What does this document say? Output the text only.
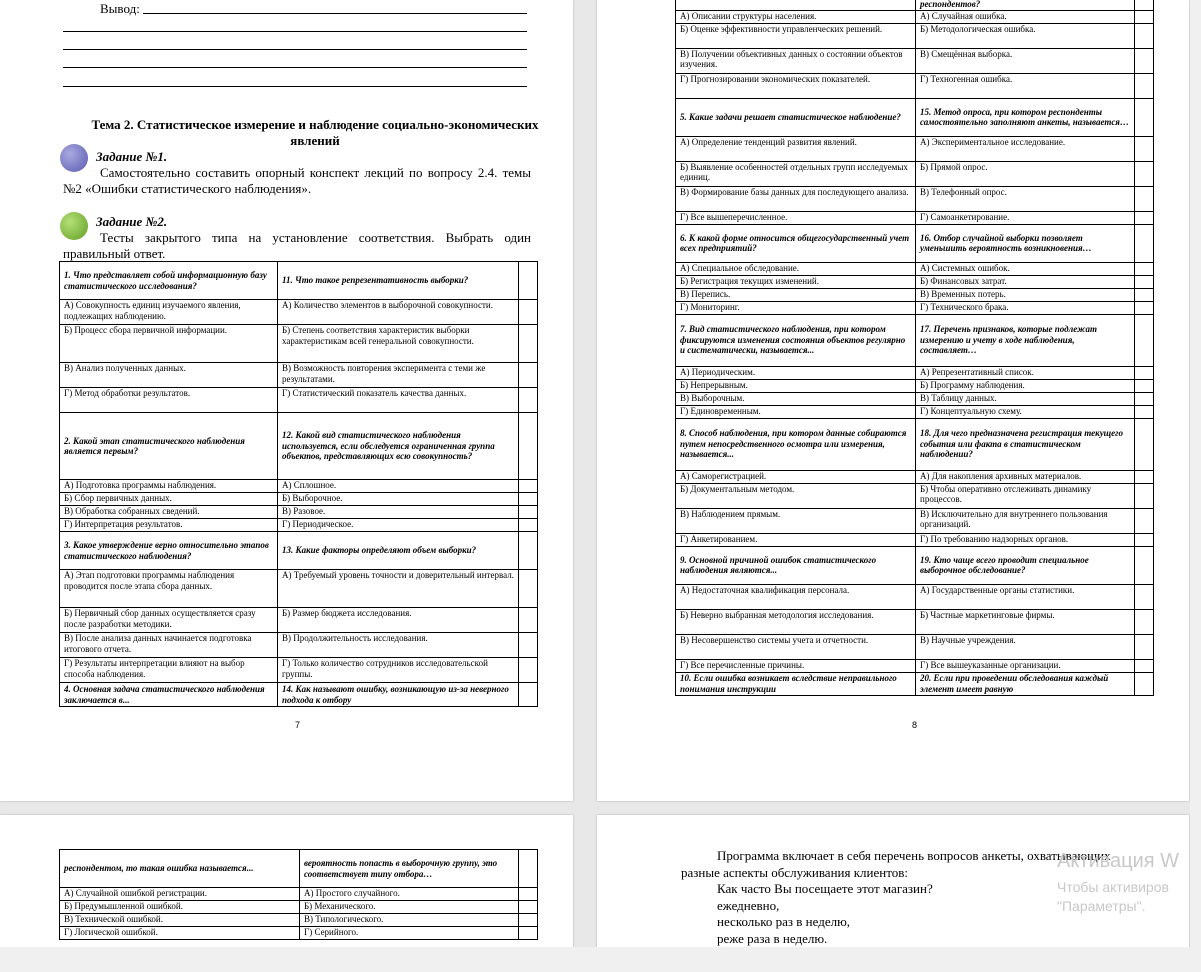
Вывод:
Тема 2. Статистическое измерение и наблюдение социально-экономических явлений
Задание №1.
Самостоятельно составить опорный конспект лекций по вопросу 2.4. темы №2 «Ошибки статистического наблюдения».
Задание №2.
Тесты закрытого типа на установление соответствия. Выбрать один правильный ответ.
1. Что представляет собой информационную базу статистического исследования?	11. Что такое репрезентативность выборки?	
А) Совокупность единиц изучаемого явления, подлежащих наблюдению.	А) Количество элементов в выборочной совокупности.	
Б) Процесс сбора первичной информации.	Б) Степень соответствия характеристик выборки характеристикам всей генеральной совокупности.	
В) Анализ полученных данных.	В) Возможность повторения эксперимента с теми же результатами.	
Г) Метод обработки результатов.	Г) Статистический показатель качества данных.	
2. Какой этап статистического наблюдения является первым?	12. Какой вид статистического наблюдения используется, если обследуется ограниченная группа объектов, представляющих всю совокупность?	
А) Подготовка программы наблюдения.	А) Сплошное.	
Б) Сбор первичных данных.	Б) Выборочное.	
В) Обработка собранных сведений.	В) Разовое.	
Г) Интерпретация результатов.	Г) Периодическое.	
3. Какое утверждение верно относительно этапов статистического наблюдения?	13. Какие факторы определяют объем выборки?	
А) Этап подготовки программы наблюдения проводится после этапа сбора данных.	А) Требуемый уровень точности и доверительный интервал.	
Б) Первичный сбор данных осуществляется сразу после разработки методики.	Б) Размер бюджета исследования.	
В) После анализа данных начинается подготовка итогового отчета.	В) Продолжительность исследования.	
Г) Результаты интерпретации влияют на выбор способа наблюдения.	Г) Только количество сотрудников исследовательской группы.	
4. Основная задача статистического наблюдения заключается в...	14. Как называют ошибку, возникающую из-за неверного подхода к отбору	
7
	респондентов?	
А) Описании структуры населения.	А) Случайная ошибка.	
Б) Оценке эффективности управленческих решений.	Б) Методологическая ошибка.	
В) Получении объективных данных о состоянии объектов изучения.	В) Смещённая выборка.	
Г) Прогнозировании экономических показателей.	Г) Техногенная ошибка.	
5. Какие задачи решает статистическое наблюдение?	15. Метод опроса, при котором респонденты самостоятельно заполняют анкеты, называется…	
А) Определение тенденций развития явлений.	А) Экспериментальное исследование.	
Б) Выявление особенностей отдельных групп исследуемых единиц.	Б) Прямой опрос.	
В) Формирование базы данных для последующего анализа.	В) Телефонный опрос.	
Г) Все вышеперечисленное.	Г) Самоанкетирование.	
6. К какой форме относится общегосударственный учет всех предприятий?	16. Отбор случайной выборки позволяет уменьшить вероятность возникновения…	
А) Специальное обследование.	А) Системных ошибок.	
Б) Регистрация текущих изменений.	Б) Финансовых затрат.	
В) Перепись.	В) Временных потерь.	
Г) Мониторинг.	Г) Технического брака.	
7. Вид статистического наблюдения, при котором фиксируются изменения состояния объектов регулярно и систематически, называется...	17. Перечень признаков, которые подлежат измерению и учету в ходе наблюдения, составляет…	
А) Периодическим.	А) Репрезентативный список.	
Б) Непрерывным.	Б) Программу наблюдения.	
В) Выборочным.	В) Таблицу данных.	
Г) Единовременным.	Г) Концептуальную схему.	
8. Способ наблюдения, при котором данные собираются путем непосредственного осмотра или измерения, называется...	18. Для чего предназначена регистрация текущего события или факта в статистическом наблюдении?	
А) Саморегистрацией.	А) Для накопления архивных материалов.	
Б) Документальным методом.	Б) Чтобы оперативно отслеживать динамику процессов.	
В) Наблюдением прямым.	В) Исключительно для внутреннего пользования организаций.	
Г) Анкетированием.	Г) По требованию надзорных органов.	
9. Основной причиной ошибок статистического наблюдения являются...	19. Кто чаще всего проводит специальное выборочное обследование?	
А) Недостаточная квалификация персонала.	А) Государственные органы статистики.	
Б) Неверно выбранная методология исследования.	Б) Частные маркетинговые фирмы.	
В) Несовершенство системы учета и отчетности.	В) Научные учреждения.	
Г) Все перечисленные причины.	Г) Все вышеуказанные организации.	
10. Если ошибка возникает вследствие неправильного понимания инструкции	20. Если при проведении обследования каждый элемент имеет равную	
8
респондентом, то такая ошибка называется...	вероятность попасть в выборочную группу, это соответствует типу отбора…	
А) Случайной ошибкой регистрации.	А) Простого случайного.	
Б) Предумышленной ошибкой.	Б) Механического.	
В) Технической ошибкой.	В) Типологического.	
Г) Логической ошибкой.	Г) Серийного.	
Программа включает в себя перечень вопросов анкеты, охватывающих разные аспекты обслуживания клиентов:
Как часто Вы посещаете этот магазин?
ежедневно,
несколько раз в неделю,
реже раза в неделю.
Активация W
Чтобы активиров
"Параметры".
